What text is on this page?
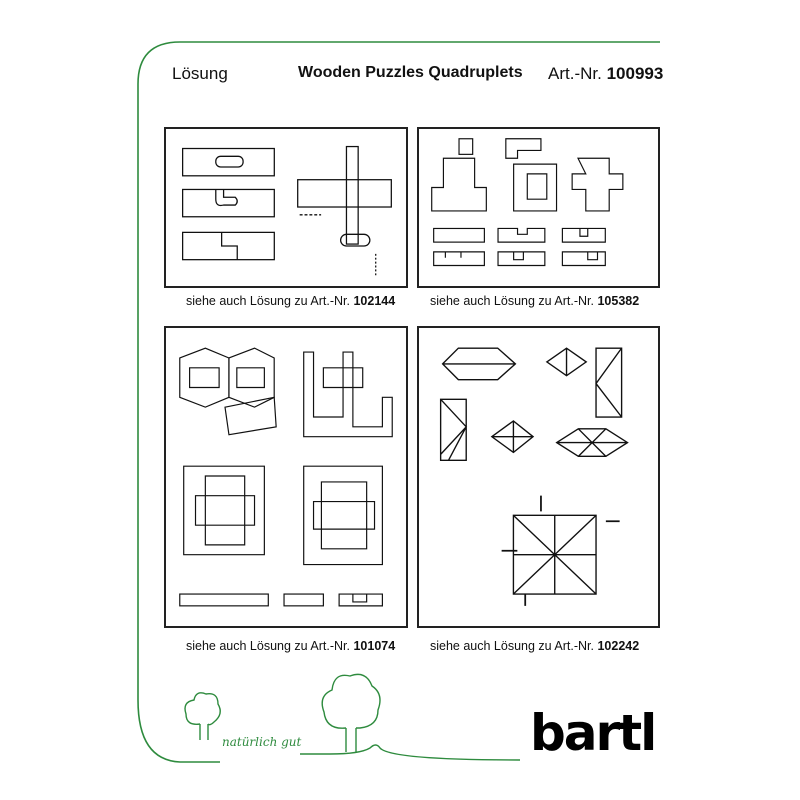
Lösung	Wooden Puzzles Quadruplets Art.-Nr. 100993
siehe auch Lösung zu Art.-Nr. 102144	siehe auch Lösung zu Art.-Nr. 105382
siehe auch Lösung zu Art.-Nr. 101074	siehe auch Lösung zu Art.-Nr. 102242
natürlich gut	bartl
